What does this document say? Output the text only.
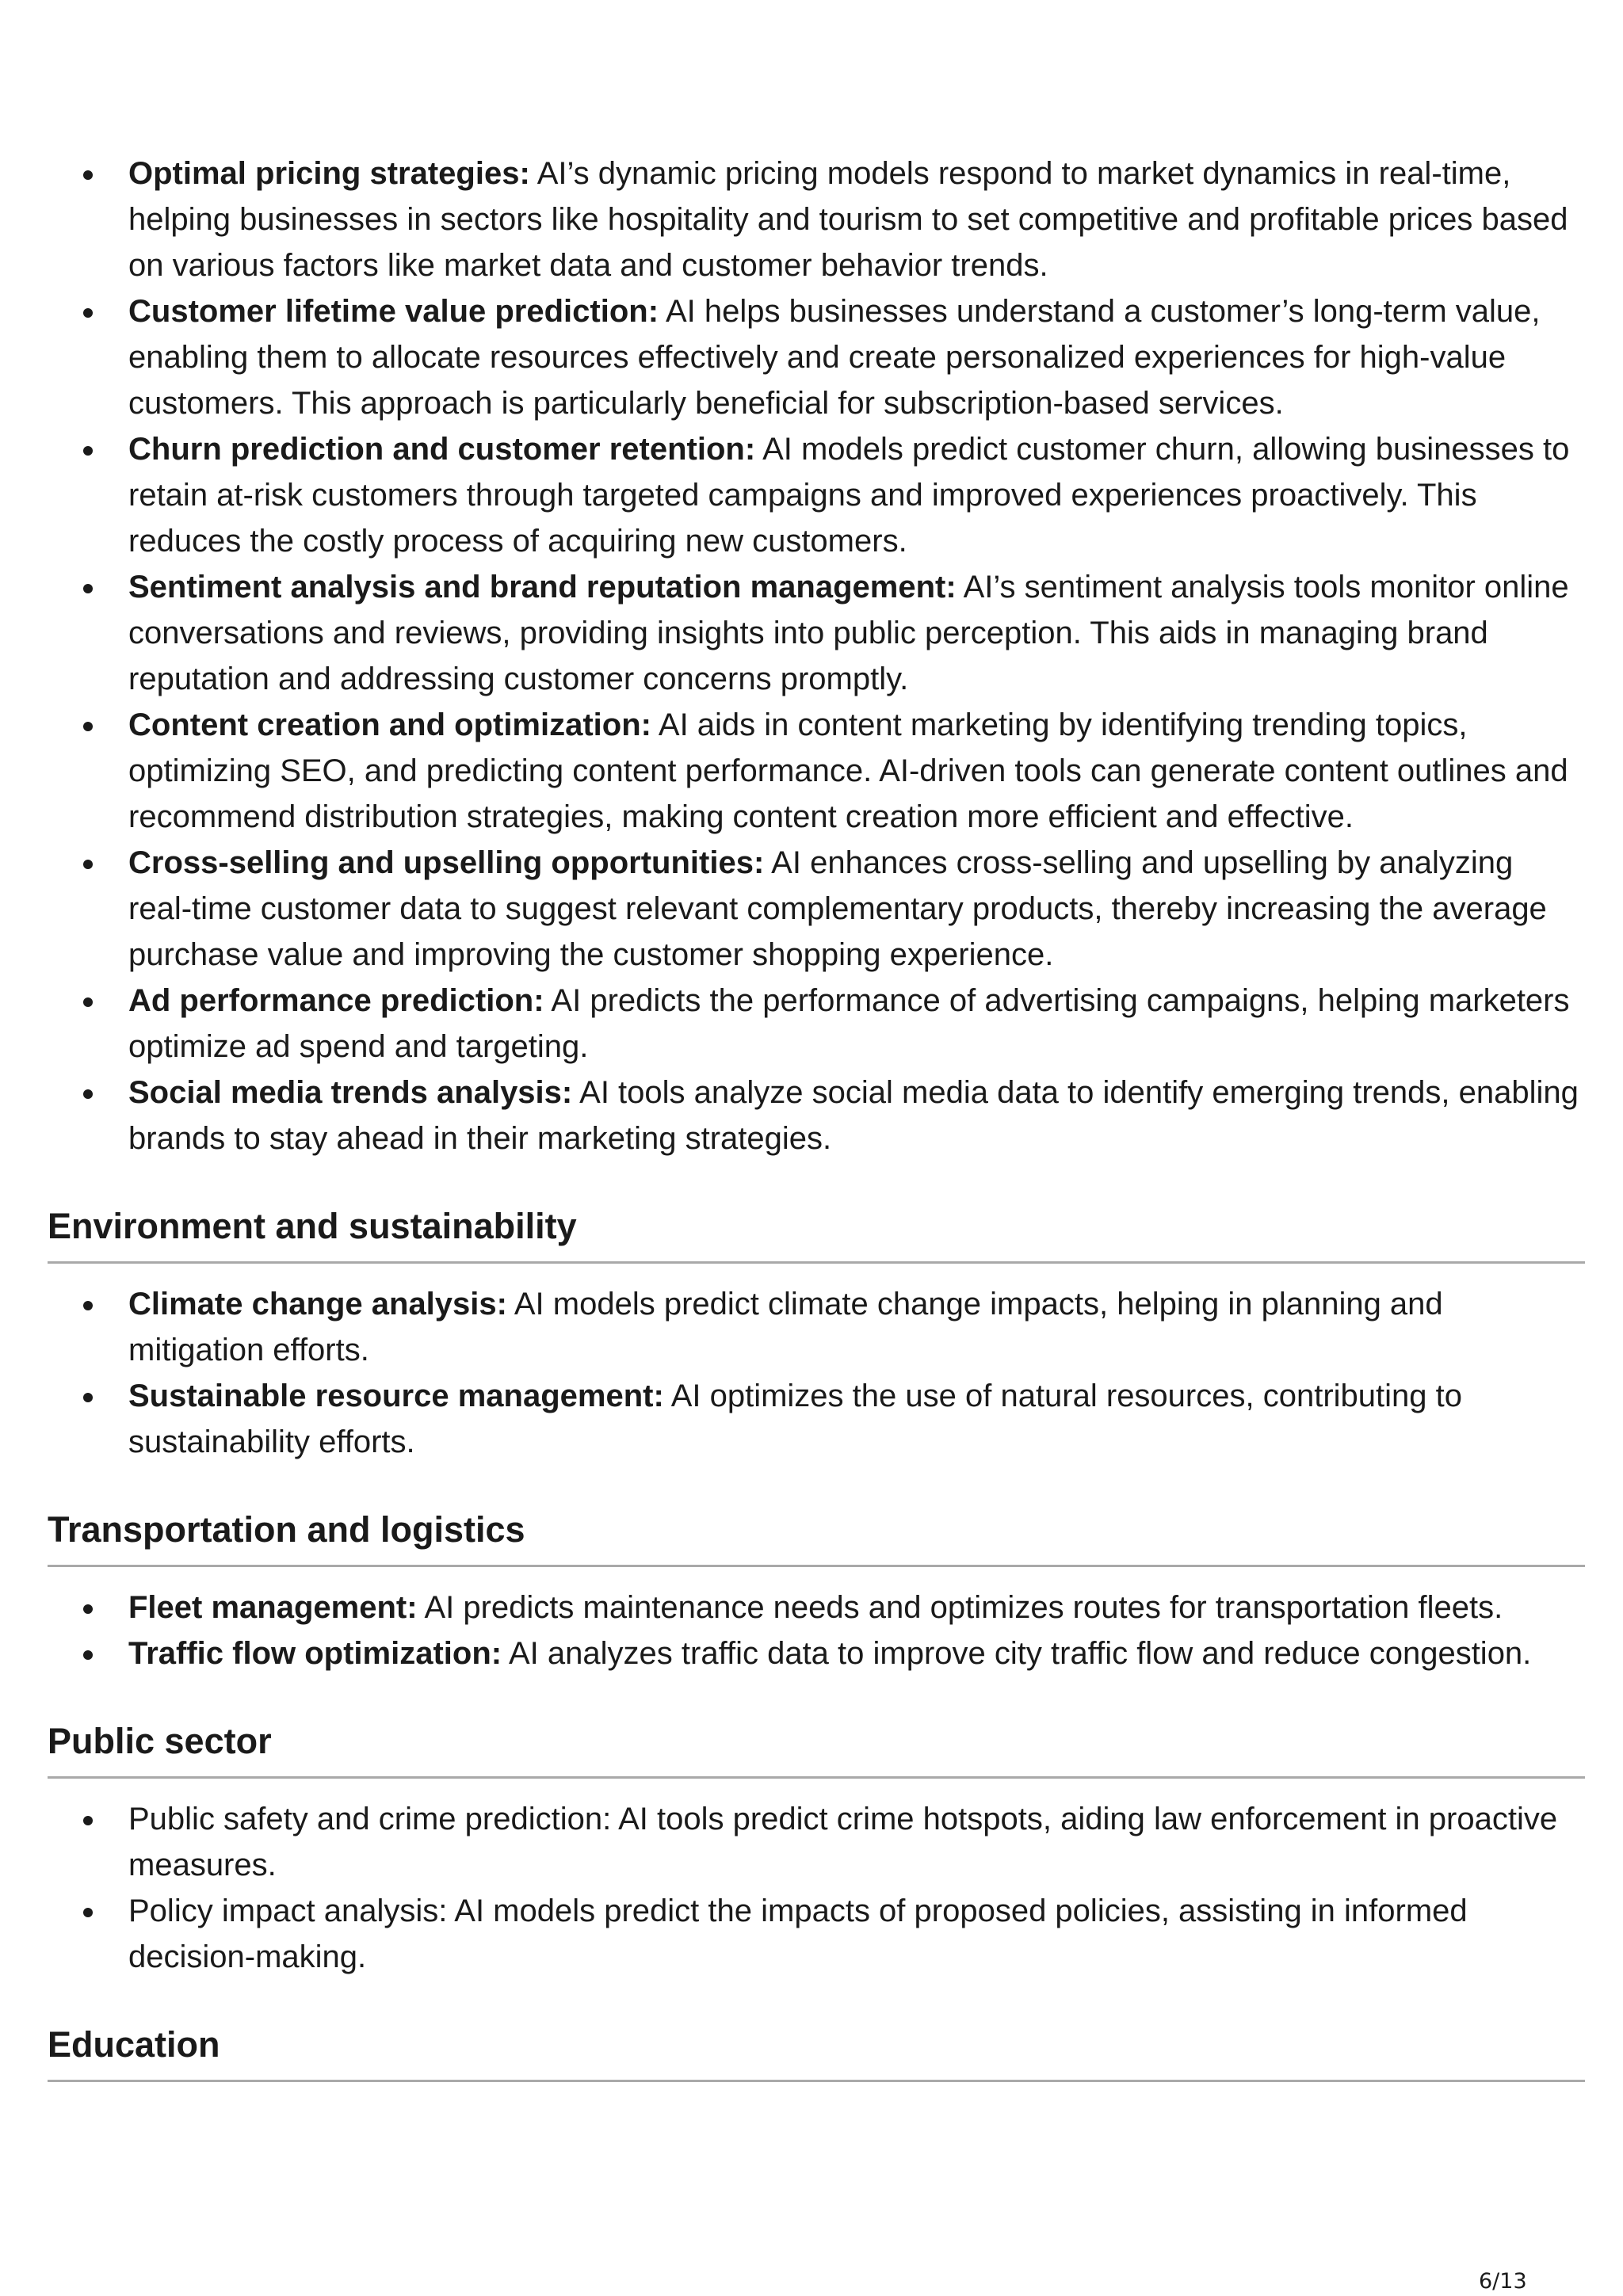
Optimal pricing strategies: AI’s dynamic pricing models respond to market dynamics in real-time, helping businesses in sectors like hospitality and tourism to set competitive and profitable prices based on various factors like market data and customer behavior trends.
Customer lifetime value prediction: AI helps businesses understand a customer’s long-term value, enabling them to allocate resources effectively and create personalized experiences for high-value customers. This approach is particularly beneficial for subscription-based services.
Churn prediction and customer retention: AI models predict customer churn, allowing businesses to retain at-risk customers through targeted campaigns and improved experiences proactively. This reduces the costly process of acquiring new customers.
Sentiment analysis and brand reputation management: AI’s sentiment analysis tools monitor online conversations and reviews, providing insights into public perception. This aids in managing brand reputation and addressing customer concerns promptly.
Content creation and optimization: AI aids in content marketing by identifying trending topics, optimizing SEO, and predicting content performance. AI-driven tools can generate content outlines and recommend distribution strategies, making content creation more efficient and effective.
Cross-selling and upselling opportunities: AI enhances cross-selling and upselling by analyzing real-time customer data to suggest relevant complementary products, thereby increasing the average purchase value and improving the customer shopping experience.
Ad performance prediction: AI predicts the performance of advertising campaigns, helping marketers optimize ad spend and targeting.
Social media trends analysis: AI tools analyze social media data to identify emerging trends, enabling brands to stay ahead in their marketing strategies.
Environment and sustainability
Climate change analysis: AI models predict climate change impacts, helping in planning and mitigation efforts.
Sustainable resource management: AI optimizes the use of natural resources, contributing to sustainability efforts.
Transportation and logistics
Fleet management: AI predicts maintenance needs and optimizes routes for transportation fleets.
Traffic flow optimization: AI analyzes traffic data to improve city traffic flow and reduce congestion.
Public sector
Public safety and crime prediction: AI tools predict crime hotspots, aiding law enforcement in proactive measures.
Policy impact analysis: AI models predict the impacts of proposed policies, assisting in informed decision-making.
Education
6/13
